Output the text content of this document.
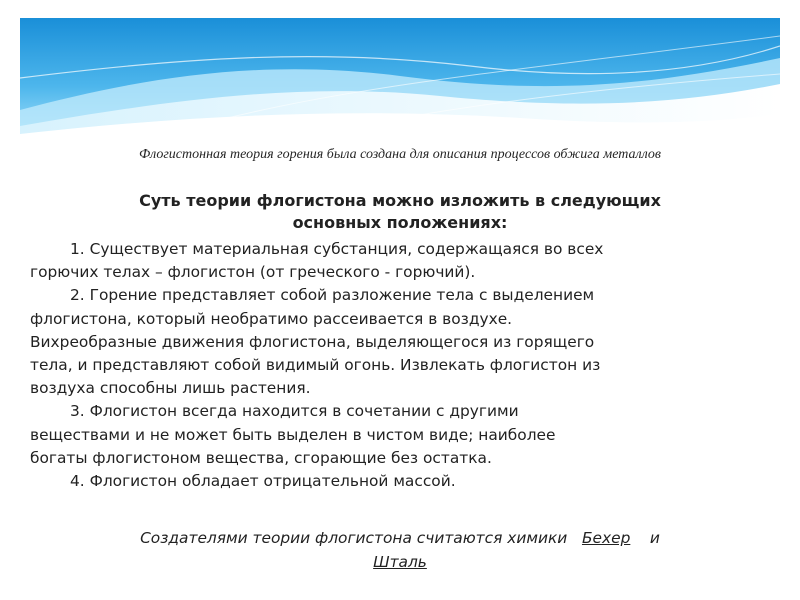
Флогистонная теория горения была создана для описания процессов обжига металлов
Суть теории флогистона можно изложить в следующих
основных положениях:
1. Существует материальная субстанция, содержащаяся во всех
горючих телах – флогистон (от греческого - горючий).
2. Горение представляет собой разложение тела с выделением
флогистона, который необратимо рассеивается в воздухе.
Вихреобразные движения флогистона, выделяющегося из горящего
тела, и представляют собой видимый огонь. Извлекать флогистон из
воздуха способны лишь растения.
3. Флогистон всегда находится в сочетании с другими
веществами и не может быть выделен в чистом виде; наиболее
богаты флогистоном вещества, сгорающие без остатка.
4. Флогистон обладает отрицательной массой.
Создателями теории флогистона считаются химики Бехер и
Шталь
